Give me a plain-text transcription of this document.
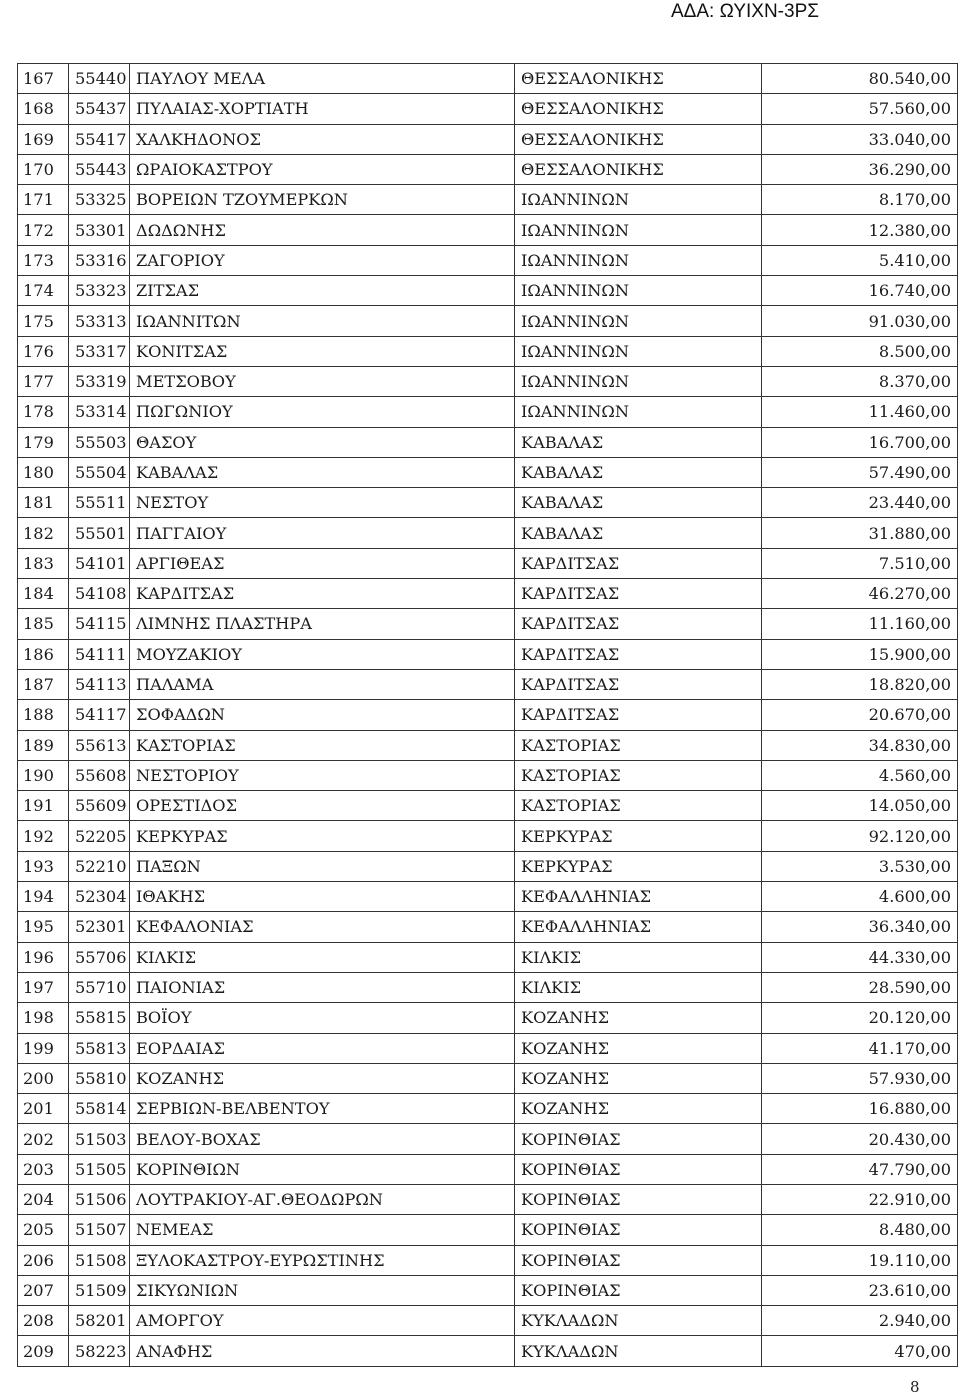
ΑΔΑ: ΩΥΙΧΝ-3ΡΣ
167	55440	ΠΑΥΛΟΥ ΜΕΛΑ	ΘΕΣΣΑΛΟΝΙΚΗΣ	80.540,00
168	55437	ΠΥΛΑΙΑΣ-ΧΟΡΤΙΑΤΗ	ΘΕΣΣΑΛΟΝΙΚΗΣ	57.560,00
169	55417	ΧΑΛΚΗΔΟΝΟΣ	ΘΕΣΣΑΛΟΝΙΚΗΣ	33.040,00
170	55443	ΩΡΑΙΟΚΑΣΤΡΟΥ	ΘΕΣΣΑΛΟΝΙΚΗΣ	36.290,00
171	53325	ΒΟΡΕΙΩΝ ΤΖΟΥΜΕΡΚΩΝ	ΙΩΑΝΝΙΝΩΝ	8.170,00
172	53301	ΔΩΔΩΝΗΣ	ΙΩΑΝΝΙΝΩΝ	12.380,00
173	53316	ΖΑΓΟΡΙΟΥ	ΙΩΑΝΝΙΝΩΝ	5.410,00
174	53323	ΖΙΤΣΑΣ	ΙΩΑΝΝΙΝΩΝ	16.740,00
175	53313	ΙΩΑΝΝΙΤΩΝ	ΙΩΑΝΝΙΝΩΝ	91.030,00
176	53317	ΚΟΝΙΤΣΑΣ	ΙΩΑΝΝΙΝΩΝ	8.500,00
177	53319	ΜΕΤΣΟΒΟΥ	ΙΩΑΝΝΙΝΩΝ	8.370,00
178	53314	ΠΩΓΩΝΙΟΥ	ΙΩΑΝΝΙΝΩΝ	11.460,00
179	55503	ΘΑΣΟΥ	ΚΑΒΑΛΑΣ	16.700,00
180	55504	ΚΑΒΑΛΑΣ	ΚΑΒΑΛΑΣ	57.490,00
181	55511	ΝΕΣΤΟΥ	ΚΑΒΑΛΑΣ	23.440,00
182	55501	ΠΑΓΓΑΙΟΥ	ΚΑΒΑΛΑΣ	31.880,00
183	54101	ΑΡΓΙΘΕΑΣ	ΚΑΡΔΙΤΣΑΣ	7.510,00
184	54108	ΚΑΡΔΙΤΣΑΣ	ΚΑΡΔΙΤΣΑΣ	46.270,00
185	54115	ΛΙΜΝΗΣ ΠΛΑΣΤΗΡΑ	ΚΑΡΔΙΤΣΑΣ	11.160,00
186	54111	ΜΟΥΖΑΚΙΟΥ	ΚΑΡΔΙΤΣΑΣ	15.900,00
187	54113	ΠΑΛΑΜΑ	ΚΑΡΔΙΤΣΑΣ	18.820,00
188	54117	ΣΟΦΑΔΩΝ	ΚΑΡΔΙΤΣΑΣ	20.670,00
189	55613	ΚΑΣΤΟΡΙΑΣ	ΚΑΣΤΟΡΙΑΣ	34.830,00
190	55608	ΝΕΣΤΟΡΙΟΥ	ΚΑΣΤΟΡΙΑΣ	4.560,00
191	55609	ΟΡΕΣΤΙΔΟΣ	ΚΑΣΤΟΡΙΑΣ	14.050,00
192	52205	ΚΕΡΚΥΡΑΣ	ΚΕΡΚΥΡΑΣ	92.120,00
193	52210	ΠΑΞΩΝ	ΚΕΡΚΥΡΑΣ	3.530,00
194	52304	ΙΘΑΚΗΣ	ΚΕΦΑΛΛΗΝΙΑΣ	4.600,00
195	52301	ΚΕΦΑΛΟΝΙΑΣ	ΚΕΦΑΛΛΗΝΙΑΣ	36.340,00
196	55706	ΚΙΛΚΙΣ	ΚΙΛΚΙΣ	44.330,00
197	55710	ΠΑΙΟΝΙΑΣ	ΚΙΛΚΙΣ	28.590,00
198	55815	ΒΟΪΟΥ	ΚΟΖΑΝΗΣ	20.120,00
199	55813	ΕΟΡΔΑΙΑΣ	ΚΟΖΑΝΗΣ	41.170,00
200	55810	ΚΟΖΑΝΗΣ	ΚΟΖΑΝΗΣ	57.930,00
201	55814	ΣΕΡΒΙΩΝ-ΒΕΛΒΕΝΤΟΥ	ΚΟΖΑΝΗΣ	16.880,00
202	51503	ΒΕΛΟΥ-ΒΟΧΑΣ	ΚΟΡΙΝΘΙΑΣ	20.430,00
203	51505	ΚΟΡΙΝΘΙΩΝ	ΚΟΡΙΝΘΙΑΣ	47.790,00
204	51506	ΛΟΥΤΡΑΚΙΟΥ-ΑΓ.ΘΕΟΔΩΡΩΝ	ΚΟΡΙΝΘΙΑΣ	22.910,00
205	51507	ΝΕΜΕΑΣ	ΚΟΡΙΝΘΙΑΣ	8.480,00
206	51508	ΞΥΛΟΚΑΣΤΡΟΥ-ΕΥΡΩΣΤΙΝΗΣ	ΚΟΡΙΝΘΙΑΣ	19.110,00
207	51509	ΣΙΚΥΩΝΙΩΝ	ΚΟΡΙΝΘΙΑΣ	23.610,00
208	58201	ΑΜΟΡΓΟΥ	ΚΥΚΛΑΔΩΝ	2.940,00
209	58223	ΑΝΑΦΗΣ	ΚΥΚΛΑΔΩΝ	470,00
8
